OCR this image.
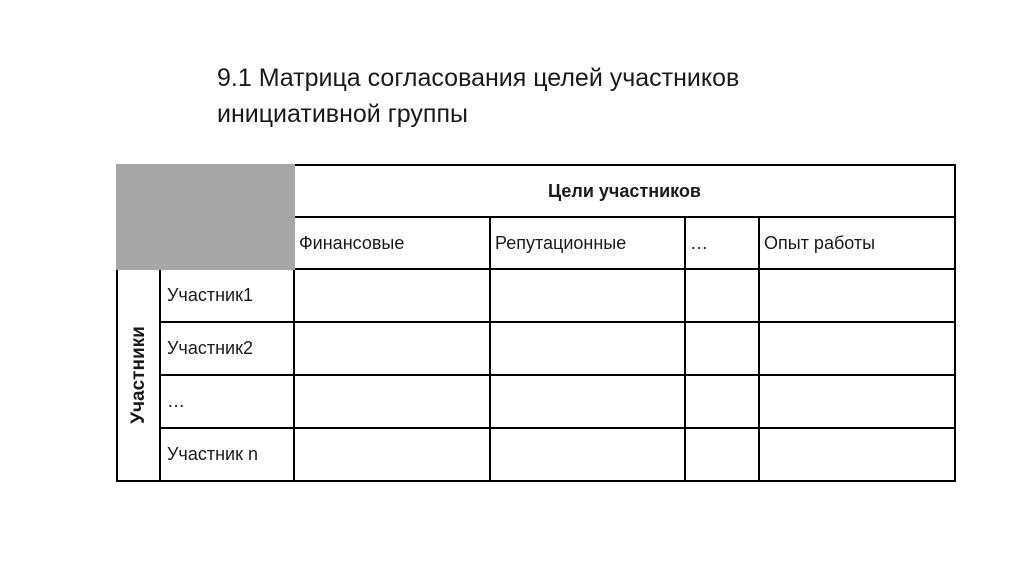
9.1 Матрица согласования целей участников
инициативной группы
		Цели участников			
		Финансовые	Репутационные	…	Опыт работы

Участники	Участник1				
	Участник2				
	…				
	Участник n				
